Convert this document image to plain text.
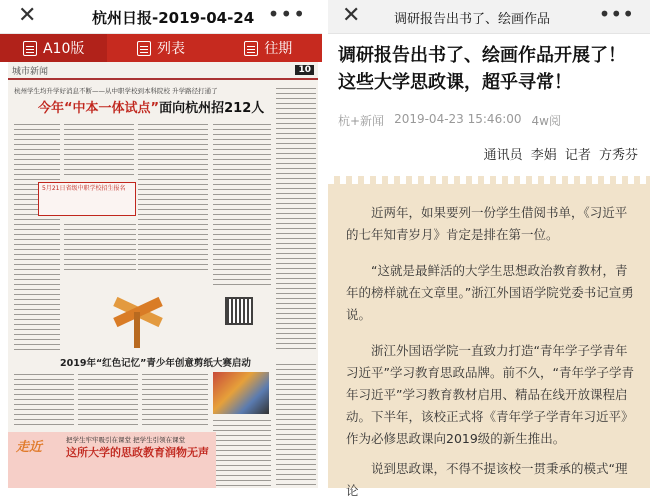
✕	杭州日报-2019-04-24 •••
A10版	列表	往期
城市新闻	10
杭州学生均升学好消息不断——从中职学校到本科院校 升学路径打通了
今年“中本一体试点”面向杭州招212人
5月21日省级中职学校招生报名
2019年“红色记忆”青少年创意剪纸大赛启动
走近	把学生牢牢吸引在课堂 把学生引领在课堂
这所大学的思政教育润物无声
✕	调研报告出书了、绘画作品	•••
调研报告出书了、绘画作品开展了！这些大学思政课，超乎寻常！
杭+新闻 2019-04-23 15:46:00 4w阅
通讯员 李娟 记者 方秀芬

近两年，如果要列一份学生借阅书单，《习近平的七年知青岁月》肯定是排在第一位。

“这就是最鲜活的大学生思想政治教育教材，青年的榜样就在文章里。”浙江外国语学院党委书记宣勇说。

浙江外国语学院一直致力打造“青年学子学青年习近平”学习教育思政品牌。前不久，“青年学子学青年习近平”学习教育教材启用、精品在线开放课程启动。下半年，该校正式将《青年学子学青年习近平》作为必修思政课向2019级的新生推出。

说到思政课，不得不提该校一贯秉承的模式“理论
